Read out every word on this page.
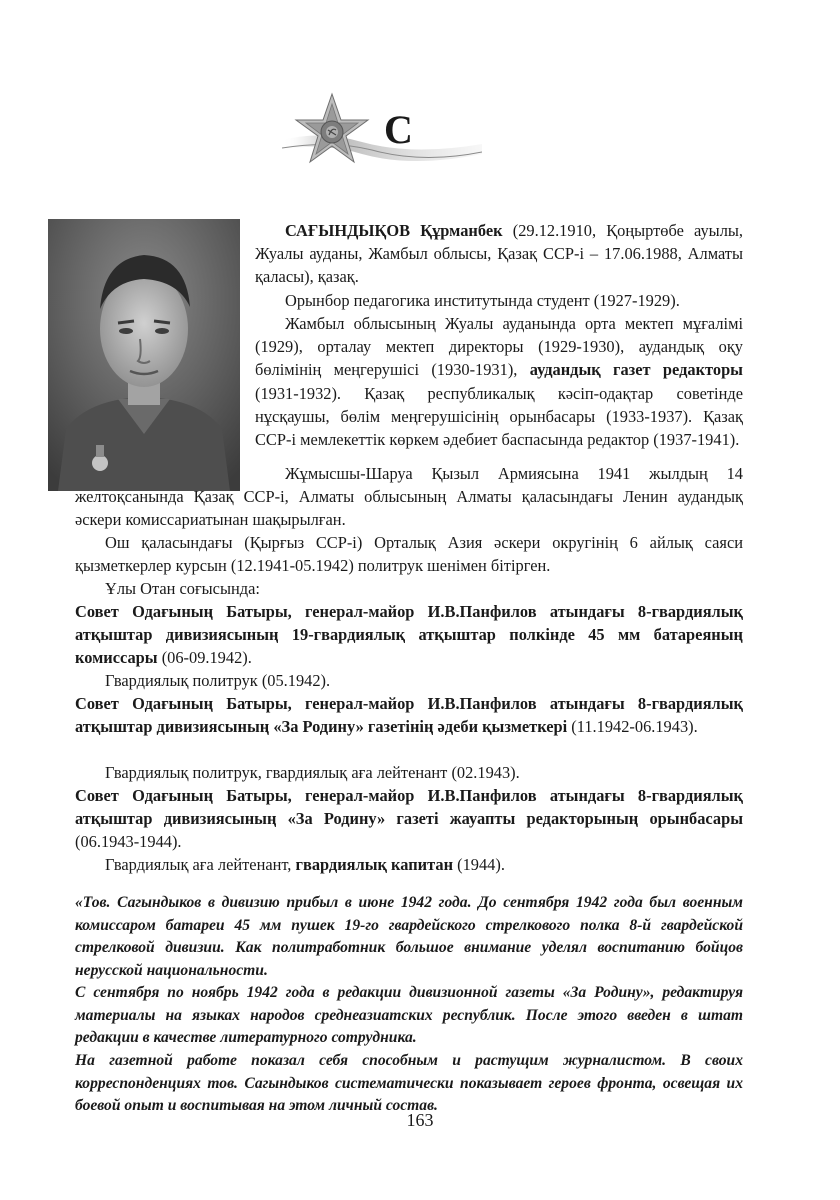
С

САҒЫНДЫҚОВ Құрманбек (29.12.1910, Қоңыртөбе ауылы, Жуалы ауданы, Жамбыл облысы, Қазақ ССР-і – 17.06.1988, Алматы қаласы), қазақ.

Орынбор педагогика институтында студент (1927-1929).

Жамбыл облысының Жуалы ауданында орта мектеп мұғалімі (1929), орталау мектеп директоры (1929-1930), аудандық оқу бөлімінің меңгерушісі (1930-1931), аудандық газет редакторы (1931-1932). Қазақ республикалық кәсіп-одақтар советінде нұсқаушы, бөлім меңгерушісінің орынбасары (1933-1937). Қазақ ССР-і мемлекеттік көркем әдебиет баспасында редактор (1937-1941).

Жұмысшы-Шаруа Қызыл Армиясына 1941 жылдың 14 желтоқсанында Қазақ ССР-і, Алматы облысының Алматы қаласындағы Ленин аудандық әскери комиссариатынан шақырылған.

Ош қаласындағы (Қырғыз ССР-і) Орталық Азия әскери округінің 6 айлық саяси қызметкерлер курсын (12.1941-05.1942) политрук шенімен бітірген.

Ұлы Отан соғысында:

Совет Одағының Батыры, генерал-майор И.В.Панфилов атындағы 8-гвардиялық атқыштар дивизиясының 19-гвардиялық атқыштар полкінде 45 мм батареяның комиссары (06-09.1942).

Гвардиялық политрук (05.1942).

Совет Одағының Батыры, генерал-майор И.В.Панфилов атындағы 8-гвардиялық атқыштар дивизиясының «За Родину» газетінің әдеби қызметкері (11.1942-06.1943).

Гвардиялық политрук, гвардиялық аға лейтенант (02.1943).

Совет Одағының Батыры, генерал-майор И.В.Панфилов атындағы 8-гвардиялық атқыштар дивизиясының «За Родину» газеті жауапты редакторының орынбасары (06.1943-1944).

Гвардиялық аға лейтенант, гвардиялық капитан (1944).

«Тов. Сагындыков в дивизию прибыл в июне 1942 года. До сентября 1942 года был военным комиссаром батареи 45 мм пушек 19-го гвардейского стрелкового полка 8-й гвардейской стрелковой дивизии. Как политработник большое внимание уделял воспитанию бойцов нерусской национальности.

С сентября по ноябрь 1942 года в редакции дивизионной газеты «За Родину», редактируя материалы на языках народов среднеазиатских республик. После этого введен в штат редакции в качестве литературного сотрудника.

На газетной работе показал себя способным и растущим журналистом. В своих корреспонденциях тов. Сагындыков систематически показывает героев фронта, освещая их боевой опыт и воспитывая на этом личный состав.

163
